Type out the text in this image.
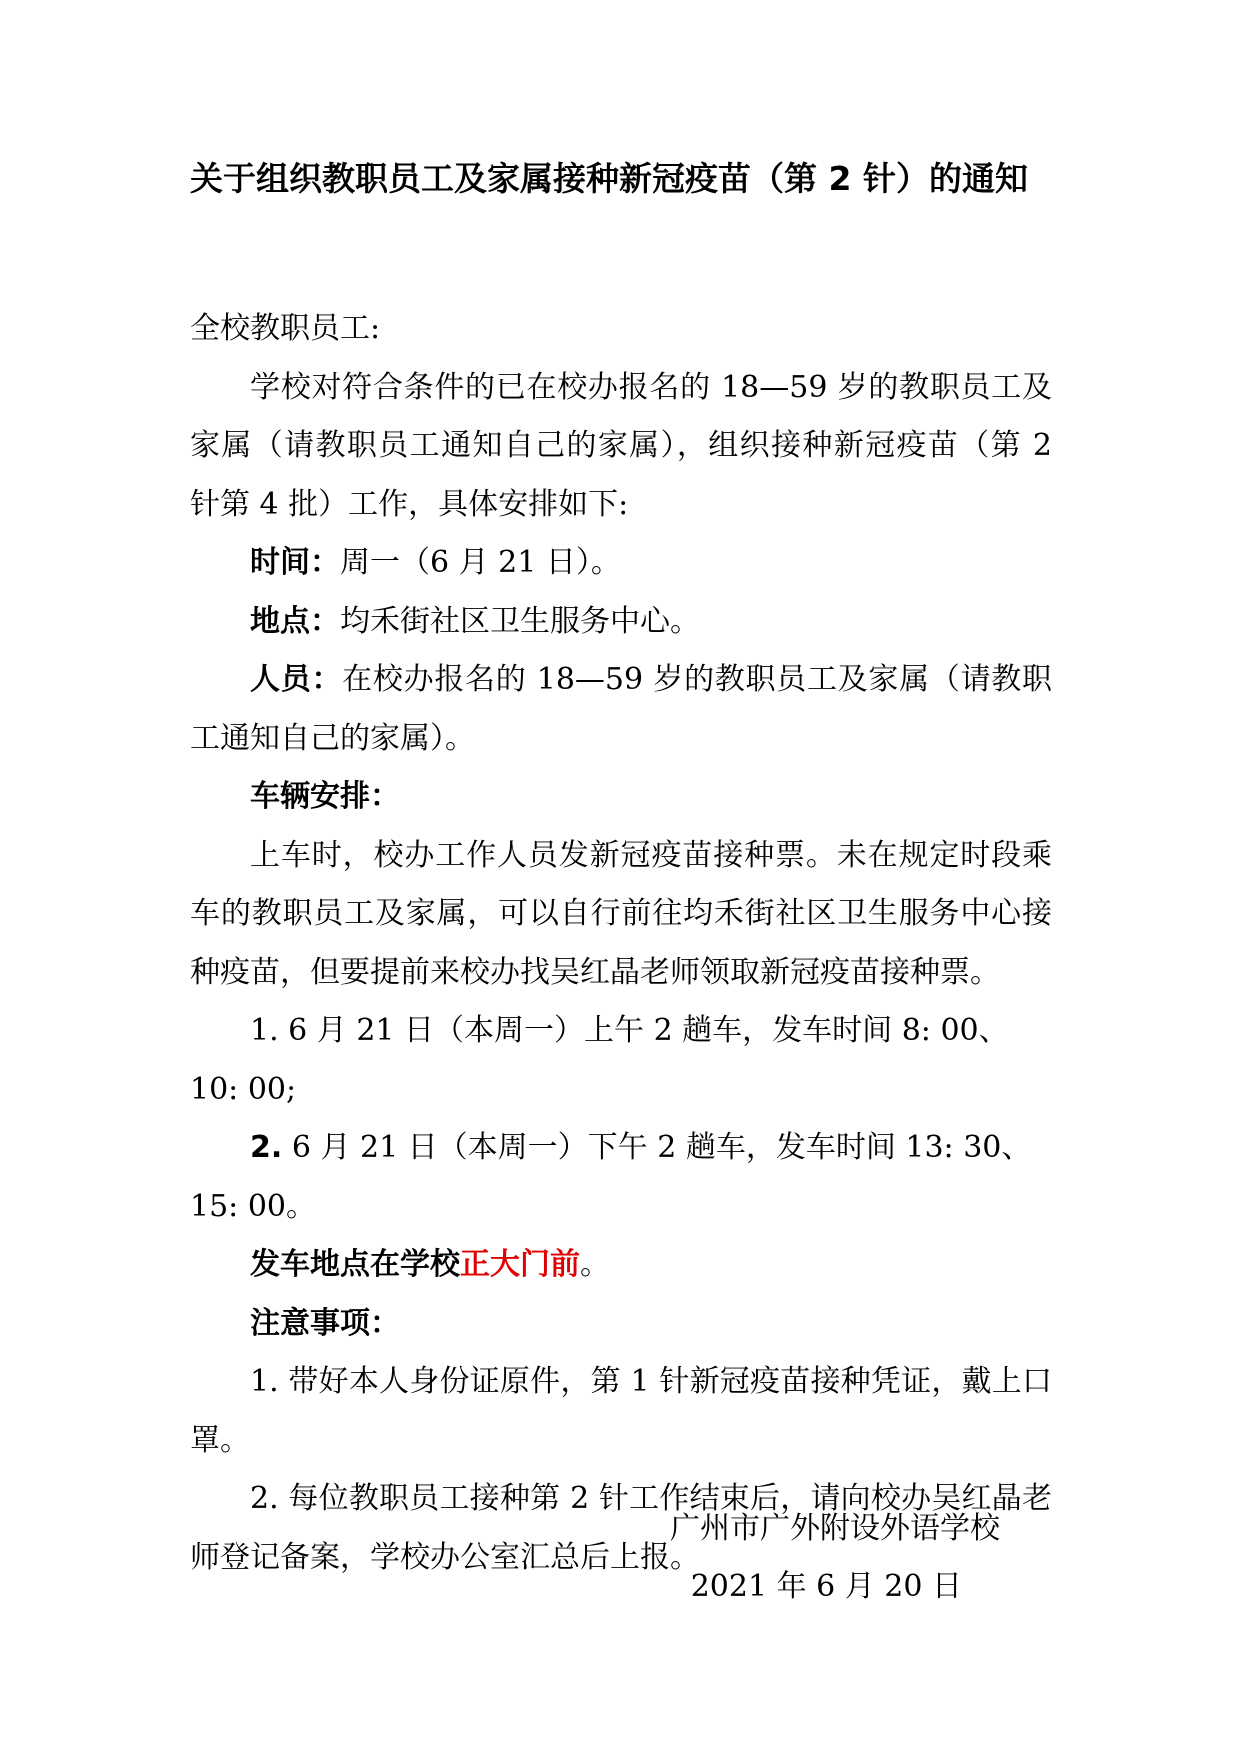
关于组织教职员工及家属接种新冠疫苗（第 2 针）的通知

全校教职员工:

学校对符合条件的已在校办报名的 18—59 岁的教职员工及家属（请教职员工通知自己的家属），组织接种新冠疫苗（第 2 针第 4 批）工作，具体安排如下:

时间：周一（6 月 21 日）。

地点：均禾街社区卫生服务中心。

人员：在校办报名的 18—59 岁的教职员工及家属（请教职工通知自己的家属）。

车辆安排：

上车时，校办工作人员发新冠疫苗接种票。未在规定时段乘车的教职员工及家属，可以自行前往均禾街社区卫生服务中心接种疫苗，但要提前来校办找吴红晶老师领取新冠疫苗接种票。

1. 6 月 21 日（本周一）上午 2 趟车，发车时间 8: 00、10: 00;

2. 6 月 21 日（本周一）下午 2 趟车，发车时间 13: 30、15: 00。

发车地点在学校正大门前。

注意事项：

1. 带好本人身份证原件，第 1 针新冠疫苗接种凭证，戴上口罩。

2. 每位教职员工接种第 2 针工作结束后，请向校办吴红晶老师登记备案，学校办公室汇总后上报。

广州市广外附设外语学校
2021 年 6 月 20 日
